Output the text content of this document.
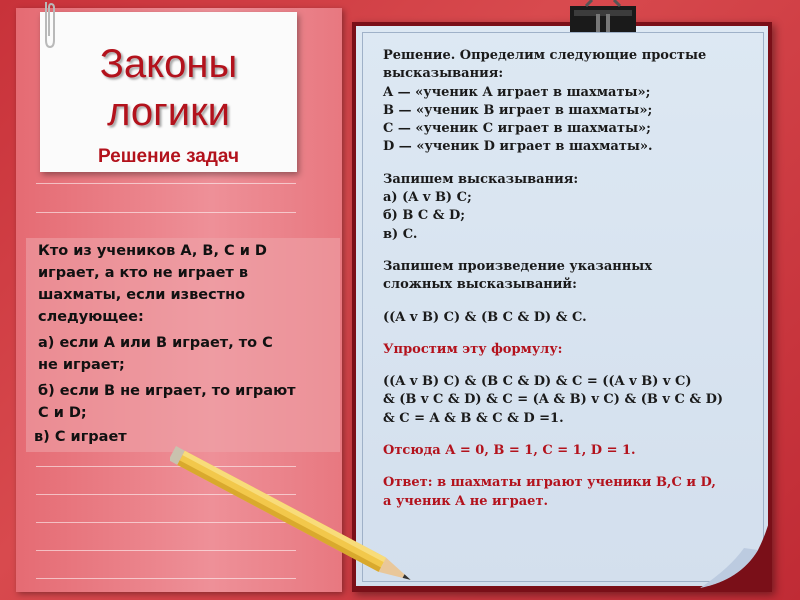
Законы
логики
Решение задач

Кто из учеников A, B, C и D
играет, а кто не играет в
шахматы, если известно
следующее:

а) если A или B играет, то C
не играет;

б) если B не играет, то играют
C и D;

в) C играет
Решение. Определим следующие простые
высказывания:
A — «ученик A играет в шахматы»;
B — «ученик B играет в шахматы»;
C — «ученик C играет в шахматы»;
D — «ученик D играет в шахматы».
Запишем высказывания:
а) (A v B) C;
б) B C & D;
в) C.
Запишем произведение указанных
сложных высказываний:
((A v B) C) & (B C & D) & C.
Упростим эту формулу:
((A v B) C) & (B C & D) & C = ((A v B) v C)
& (B v C & D) & C = (A & B) v C) & (B v C & D)
& C = A & B & C & D =1.
Отсюда A = 0, B = 1, C = 1, D = 1.
Ответ: в шахматы играют ученики B,C и D,
а ученик A не играет.
